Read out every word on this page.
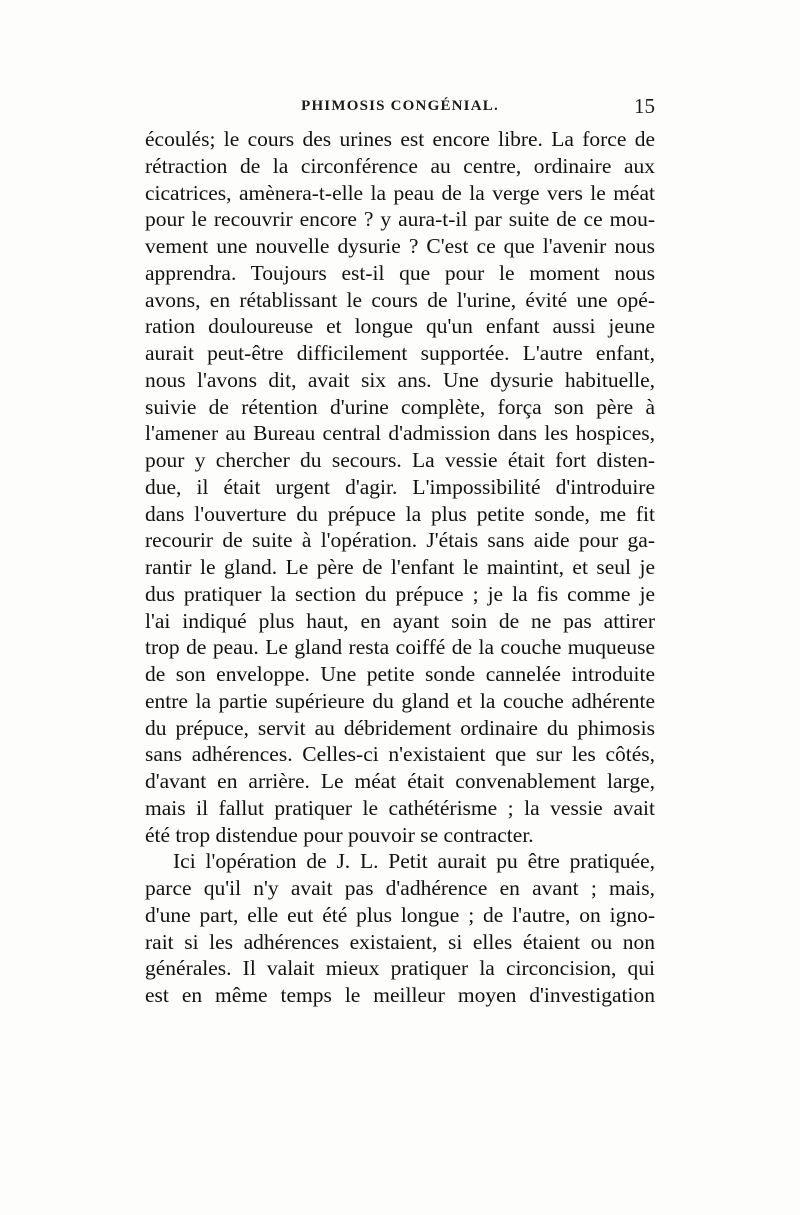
PHIMOSIS CONGÉNIAL.	15
écoulés; le cours des urines est encore libre. La force de
rétraction de la circonférence au centre, ordinaire aux
cicatrices, amènera-t-elle la peau de la verge vers le méat
pour le recouvrir encore ? y aura-t-il par suite de ce mou-
vement une nouvelle dysurie ? C'est ce que l'avenir nous
apprendra. Toujours est-il que pour le moment nous
avons, en rétablissant le cours de l'urine, évité une opé-
ration douloureuse et longue qu'un enfant aussi jeune
aurait peut-être difficilement supportée. L'autre enfant,
nous l'avons dit, avait six ans. Une dysurie habituelle,
suivie de rétention d'urine complète, força son père à
l'amener au Bureau central d'admission dans les hospices,
pour y chercher du secours. La vessie était fort disten-
due, il était urgent d'agir. L'impossibilité d'introduire
dans l'ouverture du prépuce la plus petite sonde, me fit
recourir de suite à l'opération. J'étais sans aide pour ga-
rantir le gland. Le père de l'enfant le maintint, et seul je
dus pratiquer la section du prépuce ; je la fis comme je
l'ai indiqué plus haut, en ayant soin de ne pas attirer
trop de peau. Le gland resta coiffé de la couche muqueuse
de son enveloppe. Une petite sonde cannelée introduite
entre la partie supérieure du gland et la couche adhérente
du prépuce, servit au débridement ordinaire du phimosis
sans adhérences. Celles-ci n'existaient que sur les côtés,
d'avant en arrière. Le méat était convenablement large,
mais il fallut pratiquer le cathétérisme ; la vessie avait
été trop distendue pour pouvoir se contracter.
Ici l'opération de J. L. Petit aurait pu être pratiquée,
parce qu'il n'y avait pas d'adhérence en avant ; mais,
d'une part, elle eut été plus longue ; de l'autre, on igno-
rait si les adhérences existaient, si elles étaient ou non
générales. Il valait mieux pratiquer la circoncision, qui
est en même temps le meilleur moyen d'investigation
